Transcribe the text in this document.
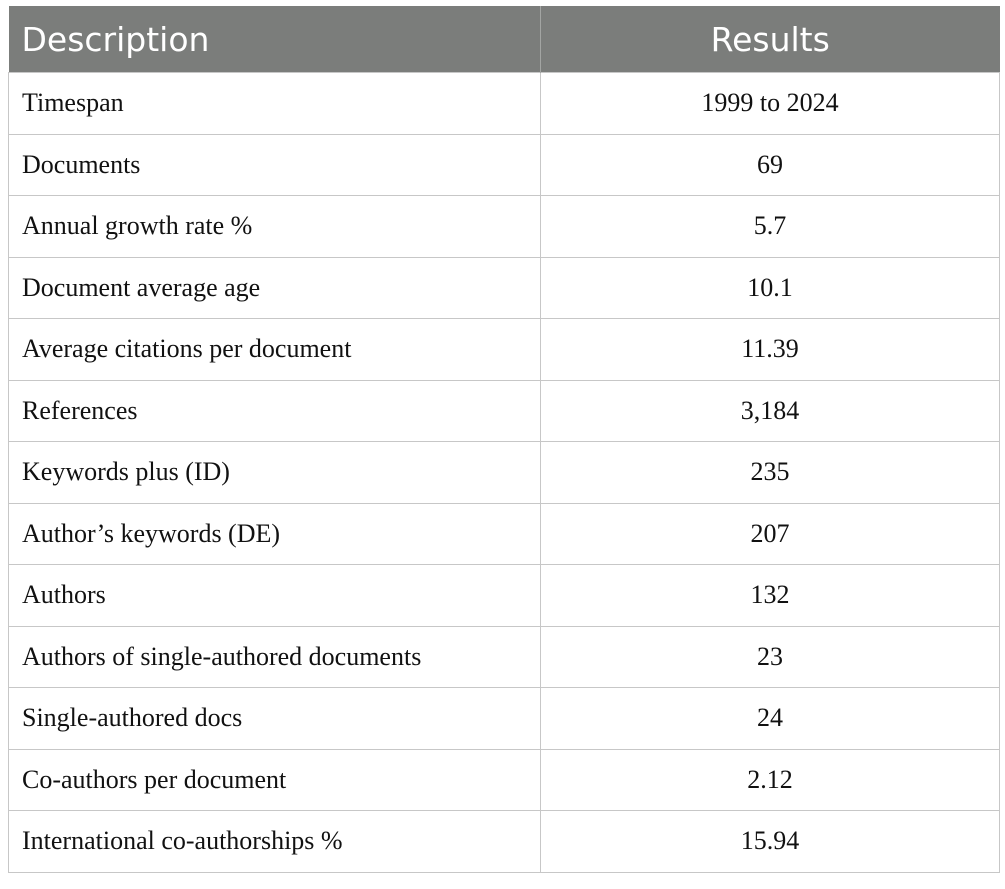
Description	Results
Timespan	1999 to 2024
Documents	69
Annual growth rate %	5.7
Document average age	10.1
Average citations per document	11.39
References	3,184
Keywords plus (ID)	235
Author’s keywords (DE)	207
Authors	132
Authors of single-authored documents	23
Single-authored docs	24
Co-authors per document	2.12
International co-authorships %	15.94
